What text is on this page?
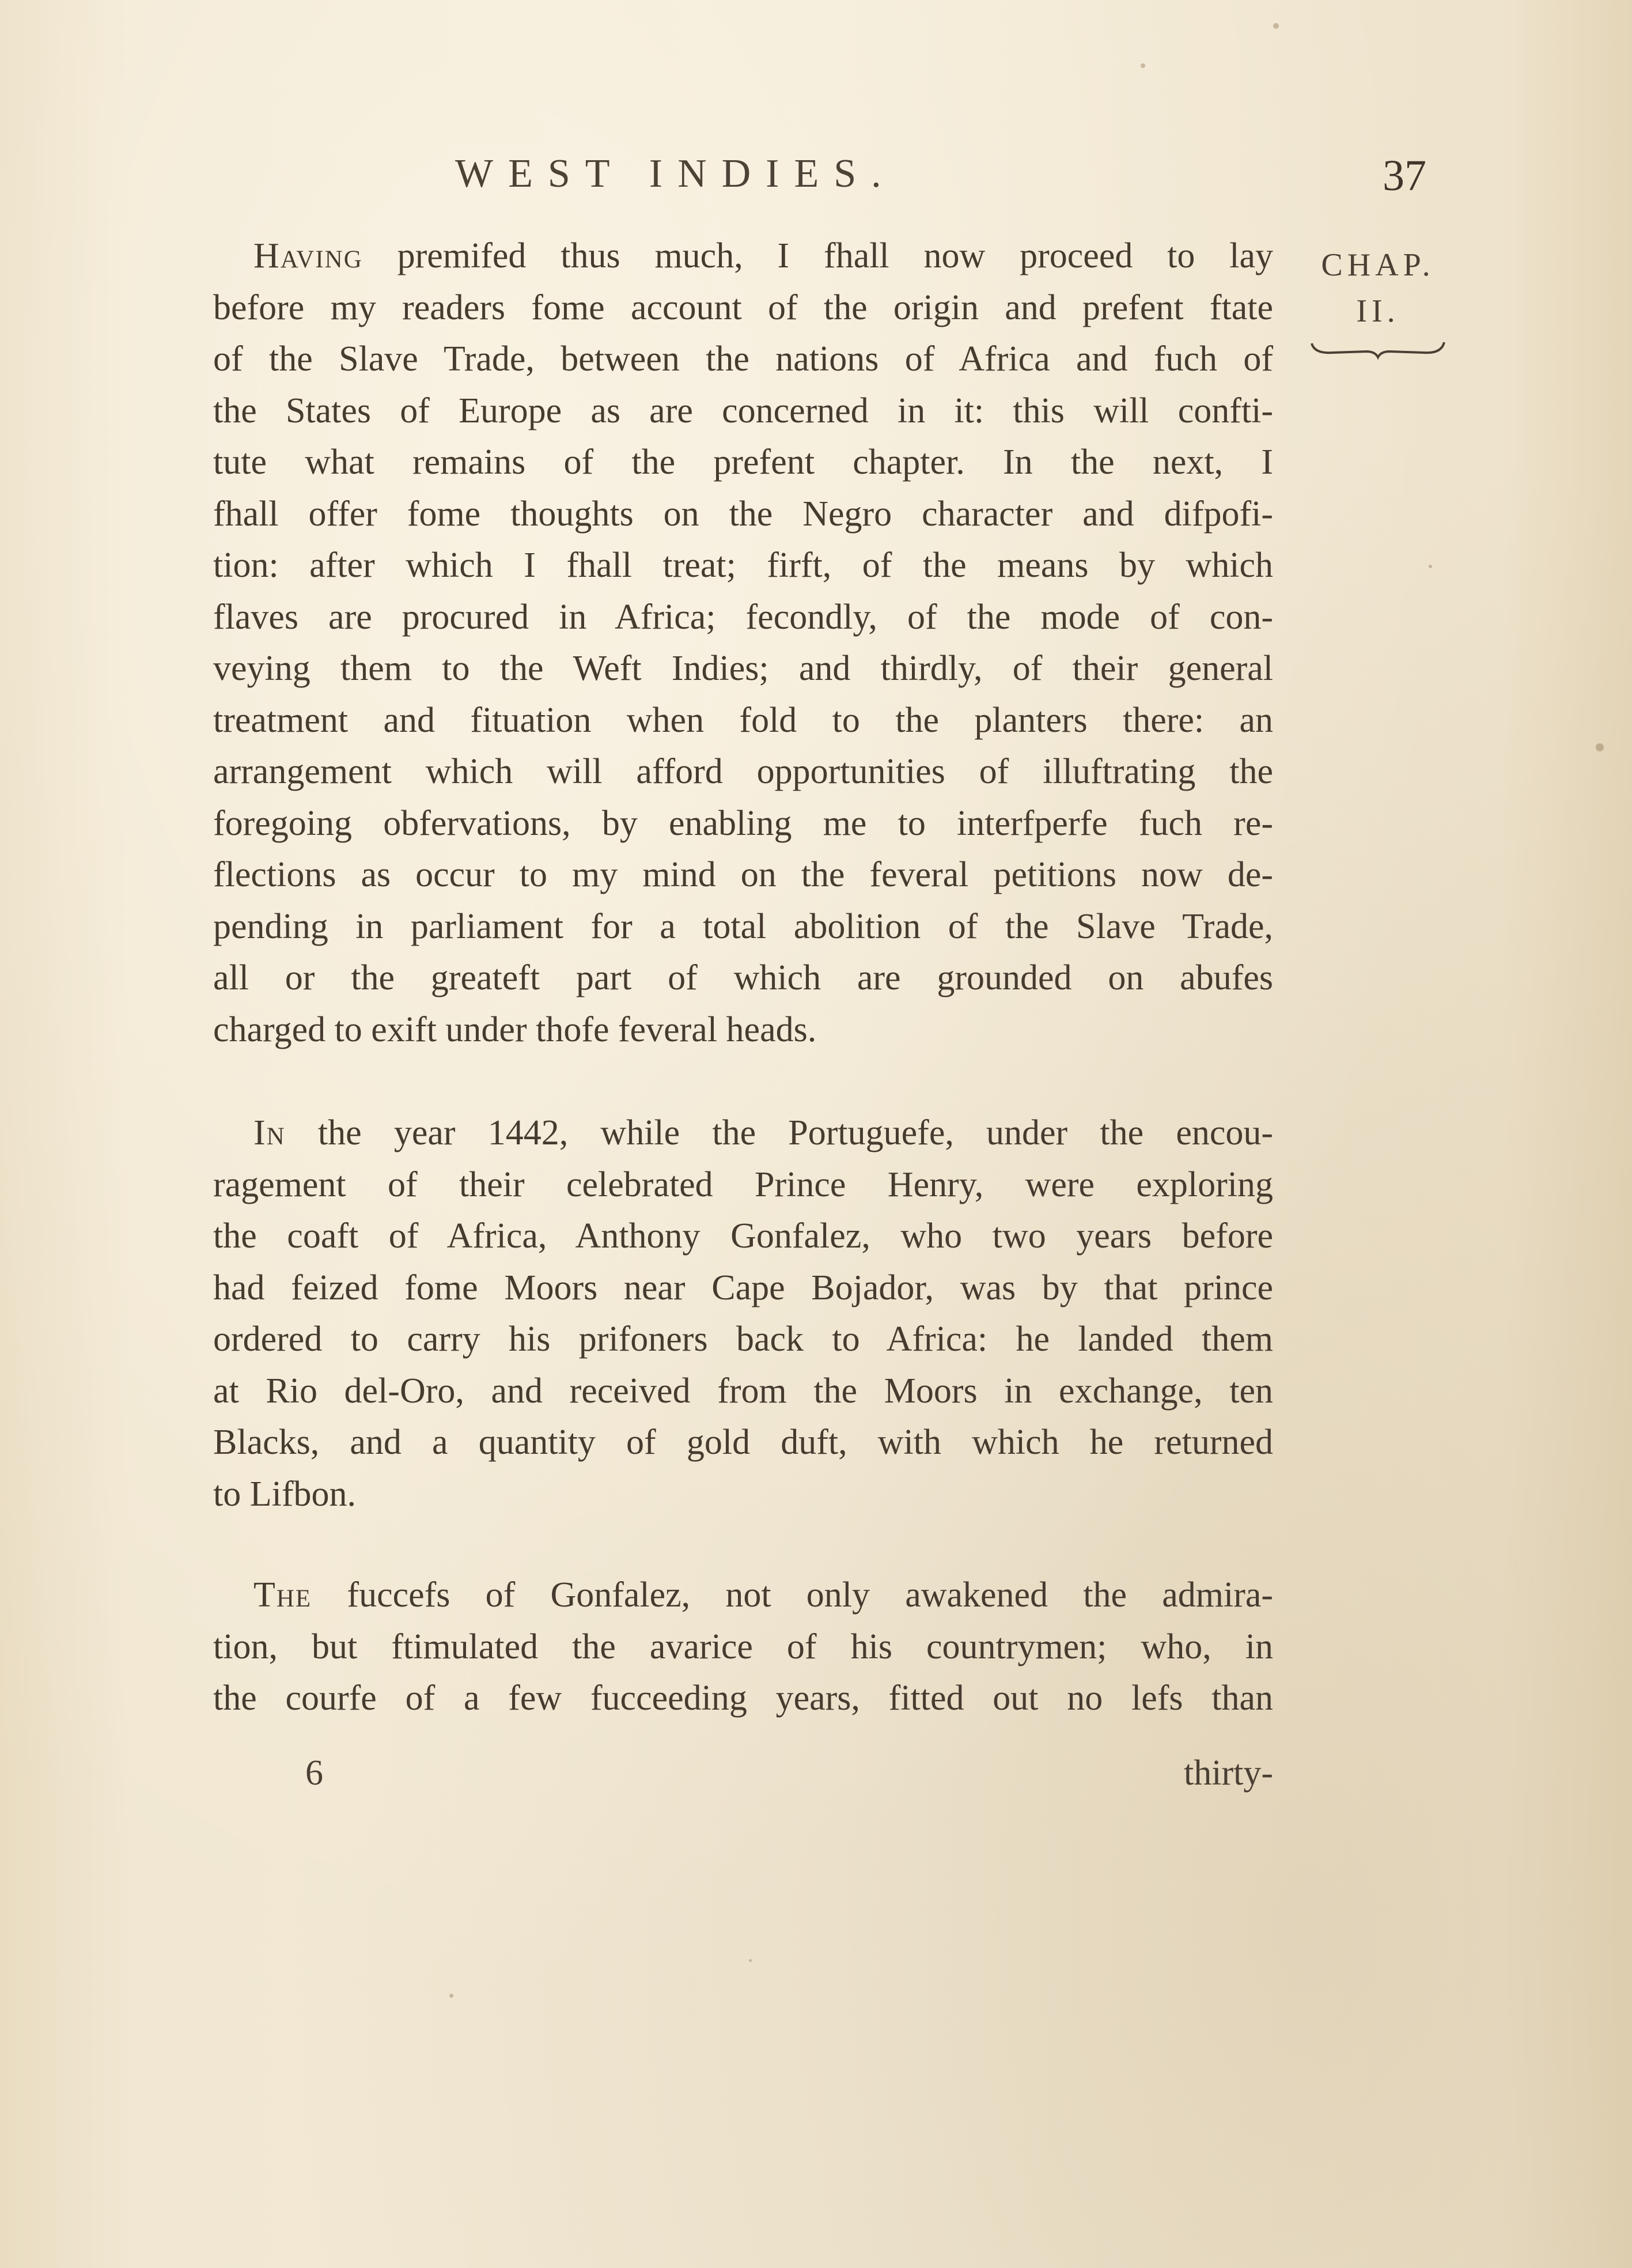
WEST INDIES.	37
CHAP.
II.
Having premifed thus much, I fhall now proceed to lay
before my readers fome account of the origin and prefent ftate
of the Slave Trade, between the nations of Africa and fuch of
the States of Europe as are concerned in it: this will confti-
tute what remains of the prefent chapter. In the next, I
fhall offer fome thoughts on the Negro character and difpofi-
tion: after which I fhall treat; firft, of the means by which
flaves are procured in Africa; fecondly, of the mode of con-
veying them to the Weft Indies; and thirdly, of their general
treatment and fituation when fold to the planters there: an
arrangement which will afford opportunities of illuftrating the
foregoing obfervations, by enabling me to interfperfe fuch re-
flections as occur to my mind on the feveral petitions now de-
pending in parliament for a total abolition of the Slave Trade,
all or the greateft part of which are grounded on abufes
charged to exift under thofe feveral heads.
In the year 1442, while the Portuguefe, under the encou-
ragement of their celebrated Prince Henry, were exploring
the coaft of Africa, Anthony Gonfalez, who two years before
had feized fome Moors near Cape Bojador, was by that prince
ordered to carry his prifoners back to Africa: he landed them
at Rio del-Oro, and received from the Moors in exchange, ten
Blacks, and a quantity of gold duft, with which he returned
to Lifbon.
The fuccefs of Gonfalez, not only awakened the admira-
tion, but ftimulated the avarice of his countrymen; who, in
the courfe of a few fucceeding years, fitted out no lefs than
6	thirty-
